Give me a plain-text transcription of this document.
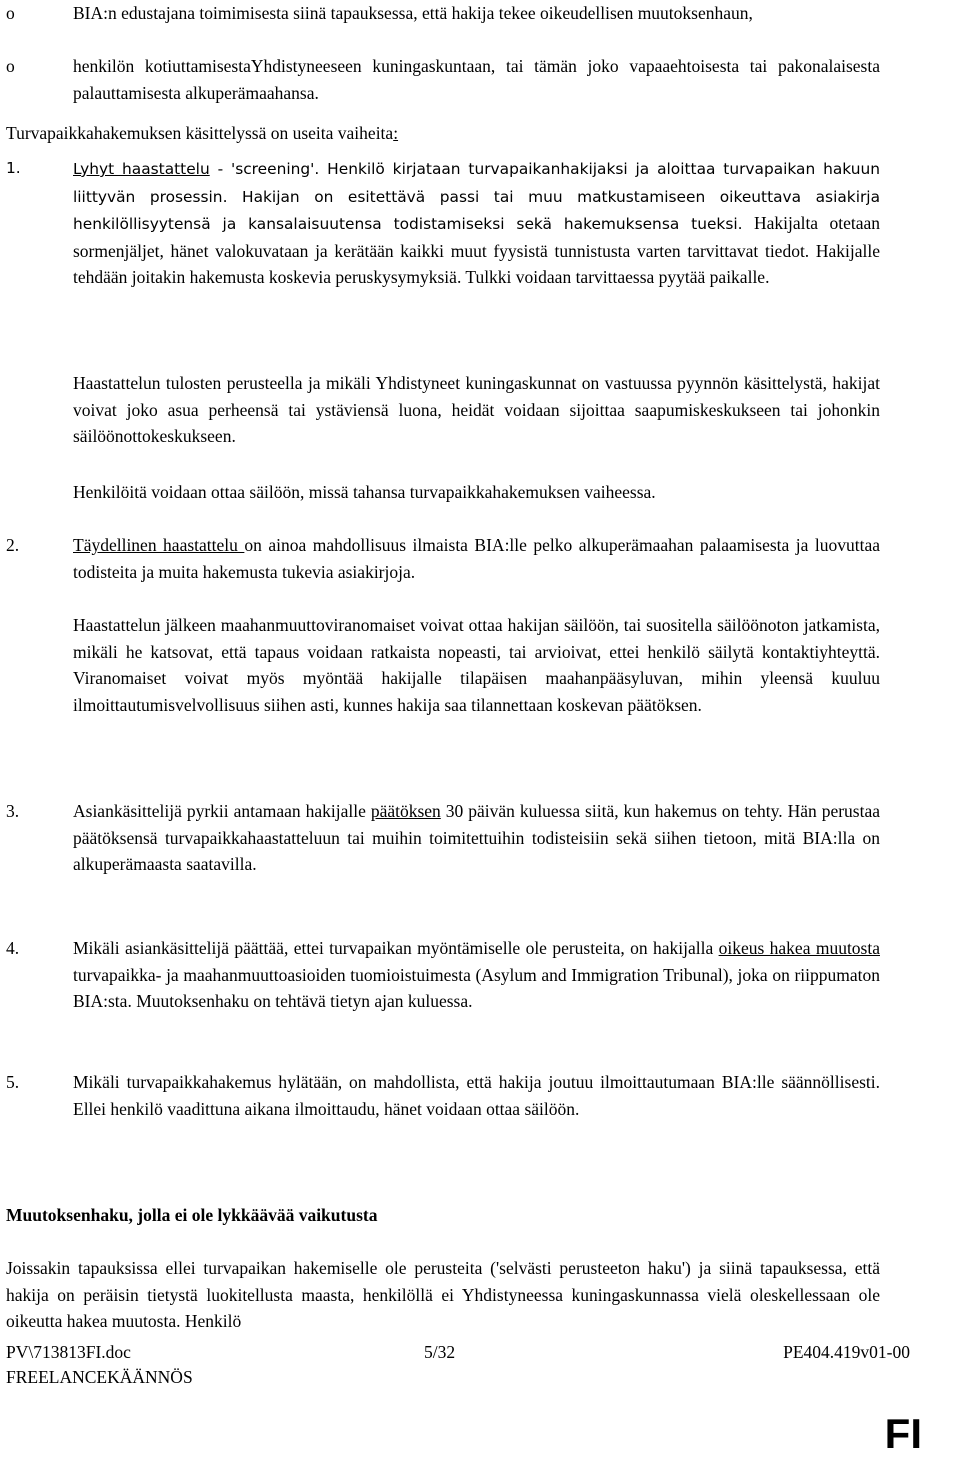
o	BIA:n edustajana toimimisesta siinä tapauksessa, että hakija tekee oikeudellisen muutoksenhaun,

o	henkilön kotiuttamisestaYhdistyneeseen kuningaskuntaan, tai tämän joko vapaaehtoisesta tai pakonalaisesta palauttamisesta alkuperämaahansa.

Turvapaikkahakemuksen käsittelyssä on useita vaiheita:

1.	Lyhyt haastattelu - 'screening'. Henkilö kirjataan turvapaikanhakijaksi ja aloittaa turvapaikan hakuun liittyvän prosessin. Hakijan on esitettävä passi tai muu matkustamiseen oikeuttava asiakirja henkilöllisyytensä ja kansalaisuutensa todistamiseksi sekä hakemuksensa tueksi. Hakijalta otetaan sormenjäljet, hänet valokuvataan ja kerätään kaikki muut fyysistä tunnistusta varten tarvittavat tiedot. Hakijalle tehdään joitakin hakemusta koskevia peruskysymyksiä. Tulkki voidaan tarvittaessa pyytää paikalle.

Haastattelun tulosten perusteella ja mikäli Yhdistyneet kuningaskunnat on vastuussa pyynnön käsittelystä, hakijat voivat joko asua perheensä tai ystäviensä luona, heidät voidaan sijoittaa saapumiskeskukseen tai johonkin säilöönottokeskukseen.

Henkilöitä voidaan ottaa säilöön, missä tahansa turvapaikkahakemuksen vaiheessa.

2.	Täydellinen haastattelu on ainoa mahdollisuus ilmaista BIA:lle pelko alkuperämaahan palaamisesta ja luovuttaa todisteita ja muita hakemusta tukevia asiakirjoja.

Haastattelun jälkeen maahanmuuttoviranomaiset voivat ottaa hakijan säilöön, tai suositella säilöönoton jatkamista, mikäli he katsovat, että tapaus voidaan ratkaista nopeasti, tai arvioivat, ettei henkilö säilytä kontaktiyhteyttä. Viranomaiset voivat myös myöntää hakijalle tilapäisen maahanpääsyluvan, mihin yleensä kuuluu ilmoittautumisvelvollisuus siihen asti, kunnes hakija saa tilannettaan koskevan päätöksen.

3.	Asiankäsittelijä pyrkii antamaan hakijalle päätöksen 30 päivän kuluessa siitä, kun hakemus on tehty. Hän perustaa päätöksensä turvapaikkahaastatteluun tai muihin toimitettuihin todisteisiin sekä siihen tietoon, mitä BIA:lla on alkuperämaasta saatavilla.

4.	Mikäli asiankäsittelijä päättää, ettei turvapaikan myöntämiselle ole perusteita, on hakijalla oikeus hakea muutosta turvapaikka- ja maahanmuuttoasioiden tuomioistuimesta (Asylum and Immigration Tribunal), joka on riippumaton BIA:sta. Muutoksenhaku on tehtävä tietyn ajan kuluessa.

5.	Mikäli turvapaikkahakemus hylätään, on mahdollista, että hakija joutuu ilmoittautumaan BIA:lle säännöllisesti. Ellei henkilö vaadittuna aikana ilmoittaudu, hänet voidaan ottaa säilöön.

Muutoksenhaku, jolla ei ole lykkäävää vaikutusta

Joissakin tapauksissa ellei turvapaikan hakemiselle ole perusteita ('selvästi perusteeton haku') ja siinä tapauksessa, että hakija on peräisin tietystä luokitellusta maasta, henkilöllä ei Yhdistyneessa kuningaskunnassa vielä oleskellessaan ole oikeutta hakea muutosta. Henkilö

PV\713813FI.doc	5/32	PE404.419v01-00
FREELANCEKÄÄNNÖS
FI
